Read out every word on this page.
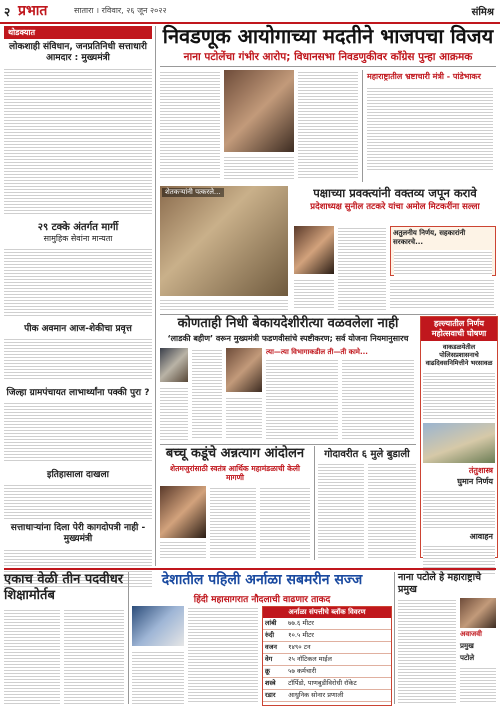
२ प्रभात	सातारा । रविवार, २६ जून २०२२	संमिश्र
थोडक्यात
लोकशाही संविधान, जनप्रतिनिधी सत्ताधारी आमदार : मुख्यमंत्री
२९ टक्के अंतर्गत मार्गी
सामुहिक सेवांना मान्यता
पीक अवमान आज-शेकीचा प्रवृत्त
जिल्हा ग्रामपंचायत लाभार्थ्यांना पक्की पुरा ?
इतिहासाला दाखला
सत्ताधाऱ्यांना दिला पेरी कागदोपत्री नाही - मुख्यमंत्री
निवडणूक आयोगाच्या मदतीने भाजपचा विजय
नाना पटोलेंचा गंभीर आरोप; विधानसभा निवडणुकीवर काँग्रेस पुन्हा आक्रमक
महाराष्ट्रातील भ्रष्टाचारी मंत्री - पांडेभाकर
शेतकऱ्यांनी पत्करले...	पक्षाच्या प्रवक्त्यांनी वक्तव्य जपून करावे
प्रदेशाध्यक्ष सुनील तटकरे यांचा अमोल मिटकरींना सल्ला
अतुलनीय निर्णय, सहकारांनी सरकारचे...
कोणताही निधी बेकायदेशीरीत्या वळवलेला नाही
‘लाडकी बहीण’ वरून मुख्यमंत्री फडणवीसांचे स्पष्टीकरण; सर्व योजना नियमानुसारच
त्या—त्या विभागाकडील ती—ती कामे...
हल्ल्यातील निर्णय महोत्सवाची घोषणा
वाकडळयेतील पोलिसप्रशासनाचे वाढदिवसनिमित्तीने भरसावळ
तंतुशास्त्र
घुमान निर्णय
आवाहन
बच्चू कडूंचे अन्नत्याग आंदोलन
शेतमजुरांसाठी स्वतंत्र आर्थिक महामंडळाची केली मागणी
गोदावरीत ६ मुले बुडाली
एकाच वेळी तीन पदवीधर शिक्षामोर्तब
देशातील पहिली अर्नाळा सबमरीन सज्ज
हिंदी महासागरात नौदलाची वाढणार ताकद
अर्नाळा संपत्तीचे ब्लॉक विवरण
लांबी	७७.६ मीटर
रुंदी	१०.५ मीटर
वजन	१४९० टन
वेग	२५ नॉटिकल माईल
क्रू	५७ कर्मचारी
शस्त्रे	टॉर्पिडो, पाणबुडीविरोधी रॉकेट
रडार	आधुनिक सोनार प्रणाली
नाना पटोले हे महाराष्ट्राचे प्रमुख
अवाजवी
प्रमुख
पटोले
